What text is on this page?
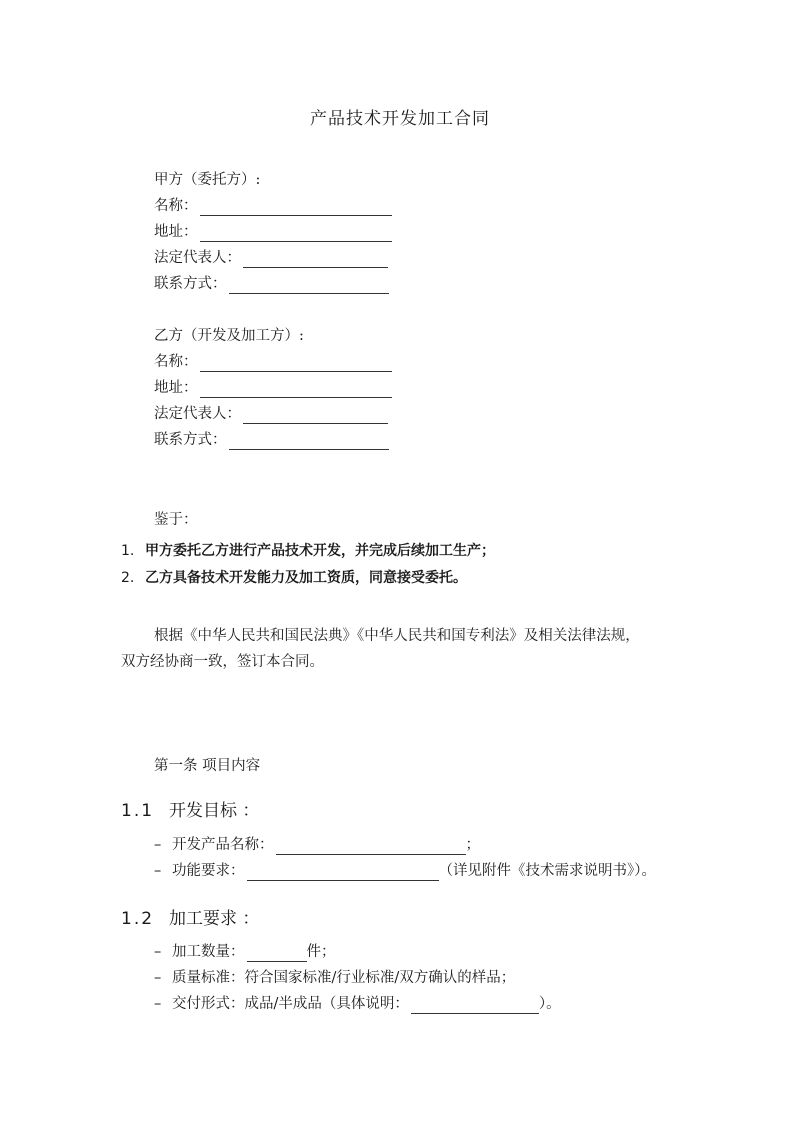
产品技术开发加工合同
甲方（委托方）:
名称：
地址：
法定代表人：
联系方式：
乙方（开发及加工方）:
名称：
地址：
法定代表人：
联系方式：
鉴于：
1. 甲方委托乙方进行产品技术开发，并完成后续加工生产；
2. 乙方具备技术开发能力及加工资质，同意接受委托。
根据《中华人民共和国民法典》《中华人民共和国专利法》及相关法律法规，
双方经协商一致，签订本合同。
第一条 项目内容
1.1 开发目标 ：
– 开发产品名称：	；
– 功能要求：	（详见附件《技术需求说明书》）。
1.2 加工要求 ：
– 加工数量：	件；
– 质量标准：符合国家标准/行业标准/双方确认的样品；
– 交付形式：成品/半成品（具体说明：	）。
